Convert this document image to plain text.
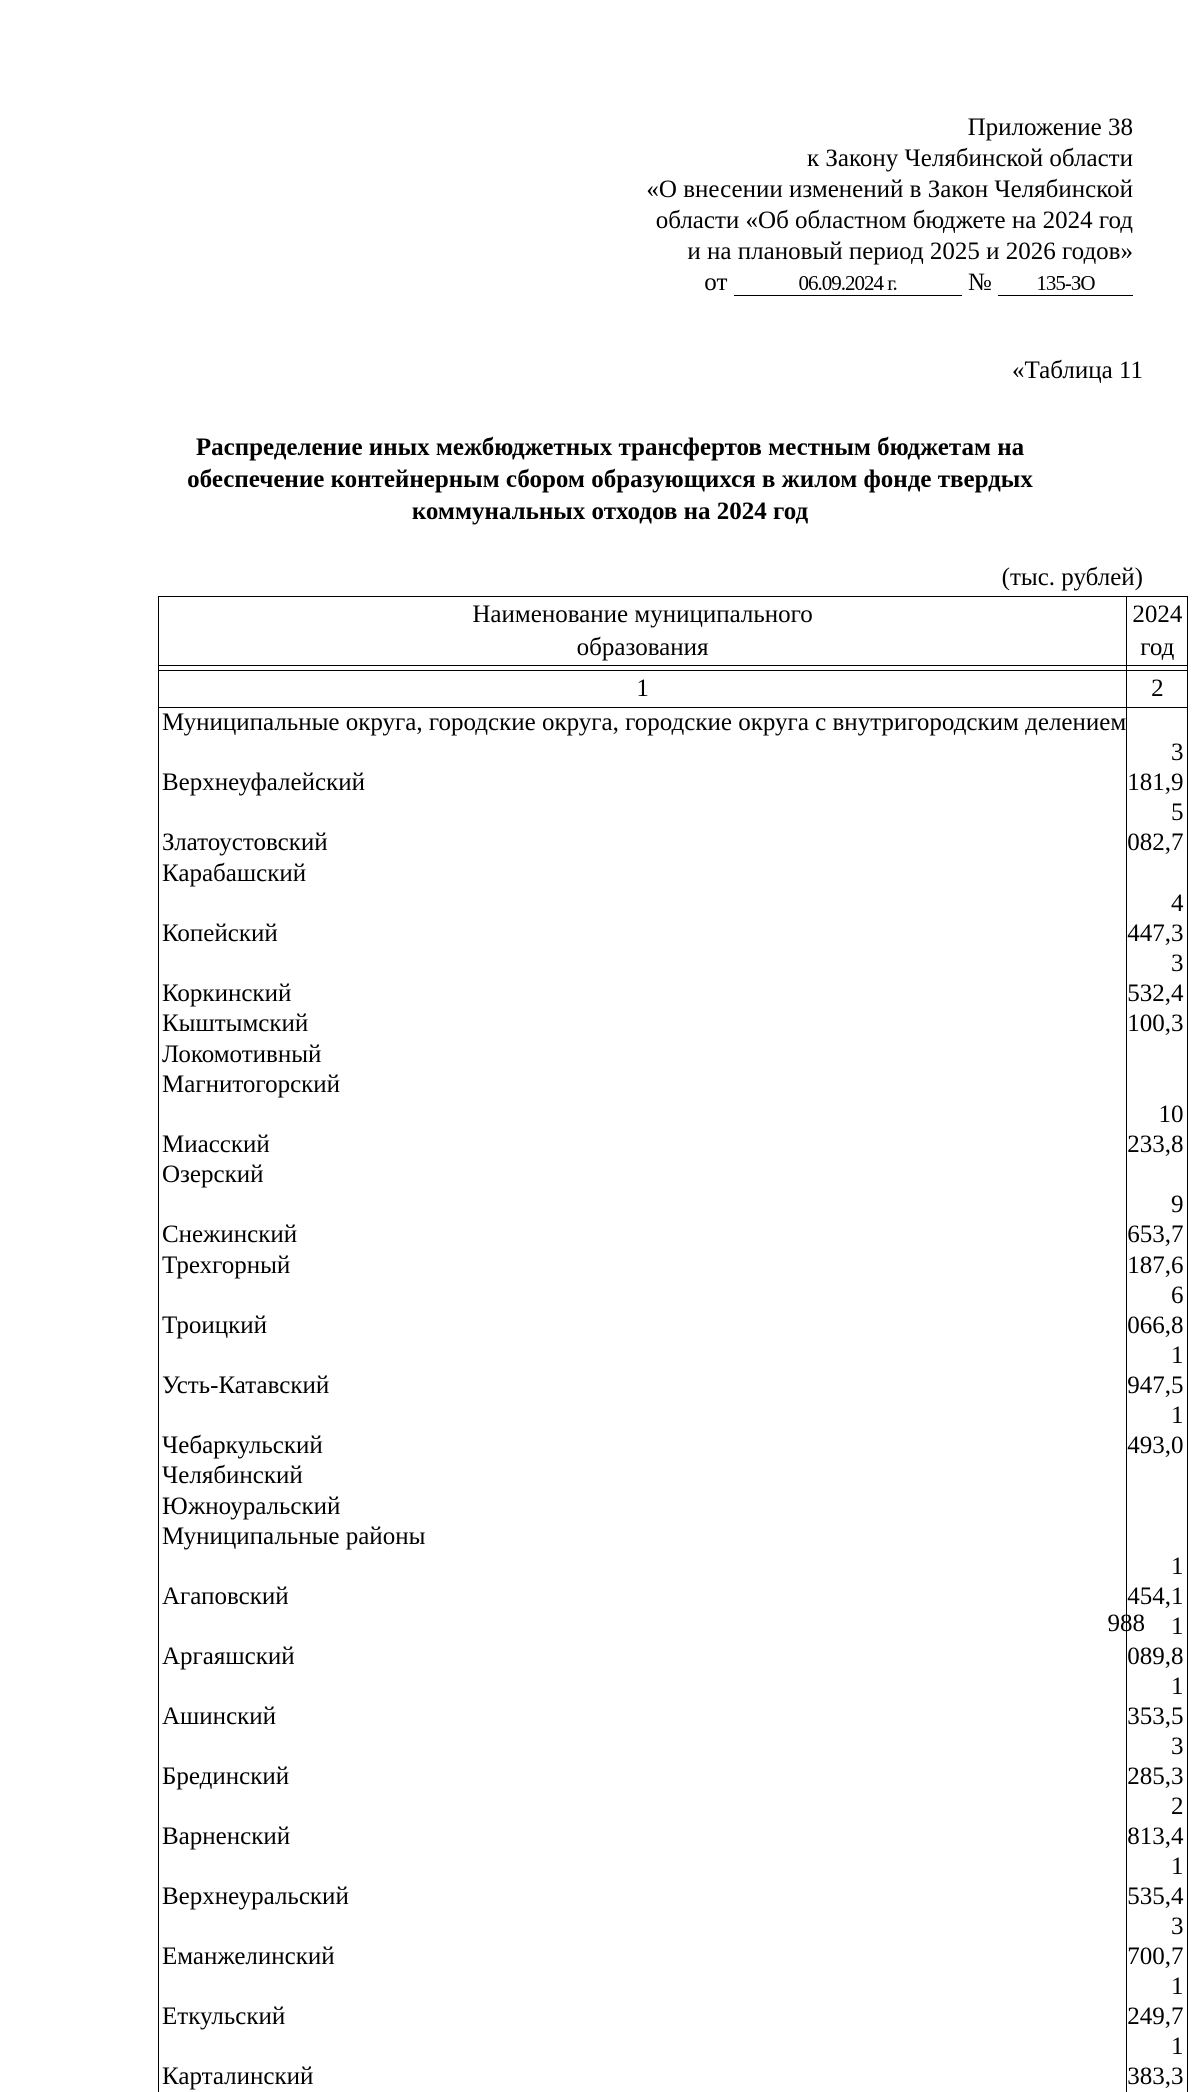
Приложение 38
к Закону Челябинской области
«О внесении изменений в Закон Челябинской
области «Об областном бюджете на 2024 год
и на плановый период 2025 и 2026 годов»
от	06.09.2024 г.	№ 135-ЗО
«Таблица 11
Распределение иных межбюджетных трансфертов местным бюджетам на
обеспечение контейнерным сбором образующихся в жилом фонде твердых
коммунальных отходов на 2024 год
(тыс. рублей)
Наименование муниципального
образования	2024 год

1	2
Муниципальные округа, городские округа, городские округа с внутригородским делением	
Верхнеуфалейский	3 181,9
Златоустовский	5 082,7
Карабашский	
Копейский	4 447,3
Коркинский	3 532,4
Кыштымский	100,3
Локомотивный	
Магнитогорский	
Миасский	10 233,8
Озерский	
Снежинский	9 653,7
Трехгорный	187,6
Троицкий	6 066,8
Усть-Катавский	1 947,5
Чебаркульский	1 493,0
Челябинский	
Южноуральский	
Муниципальные районы	
Агаповский	1 454,1
Аргаяшский	1 089,8
Ашинский	1 353,5
Брединский	3 285,3
Варненский	2 813,4
Верхнеуральский	1 535,4
Еманжелинский	3 700,7
Еткульский	1 249,7
Карталинский	1 383,3
988
